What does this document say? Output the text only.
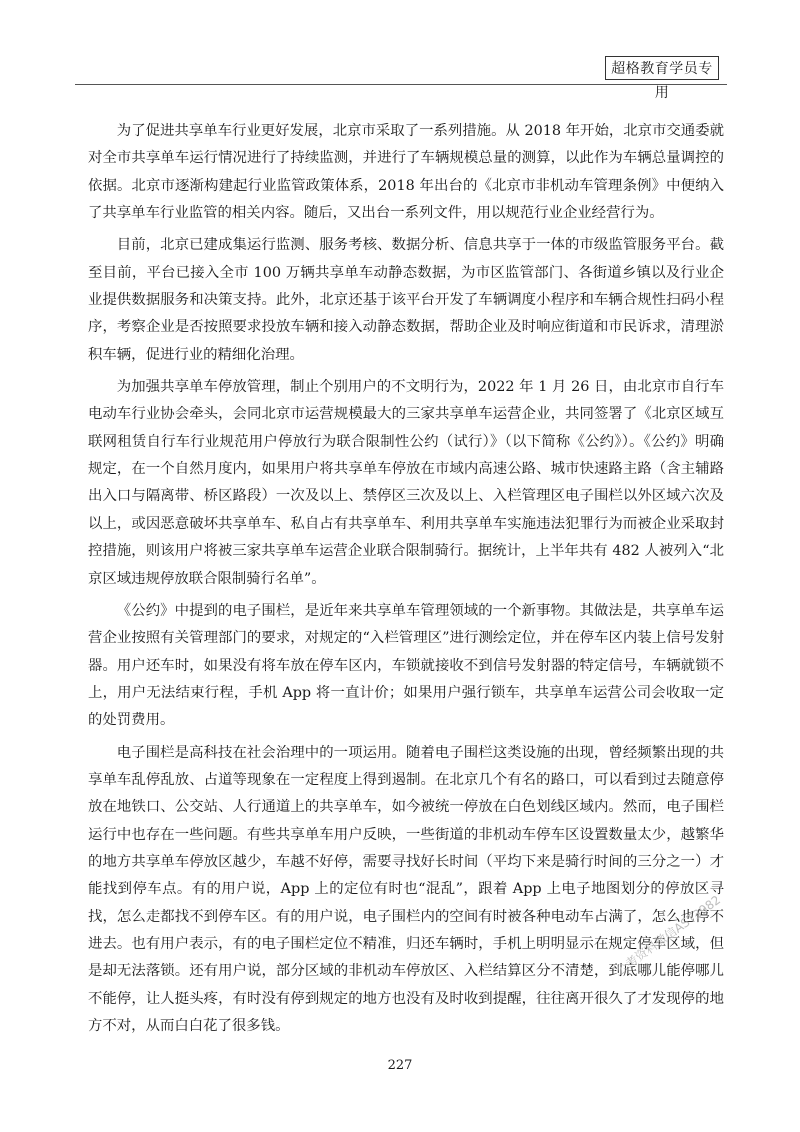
超格教育学员专用

为了促进共享单车行业更好发展，北京市采取了一系列措施。从 2018 年开始，北京市交通委就对全市共享单车运行情况进行了持续监测，并进行了车辆规模总量的测算，以此作为车辆总量调控的依据。北京市逐渐构建起行业监管政策体系，2018 年出台的《北京市非机动车管理条例》中便纳入了共享单车行业监管的相关内容。随后，又出台一系列文件，用以规范行业企业经营行为。

目前，北京已建成集运行监测、服务考核、数据分析、信息共享于一体的市级监管服务平台。截至目前，平台已接入全市 100 万辆共享单车动静态数据，为市区监管部门、各街道乡镇以及行业企业提供数据服务和决策支持。此外，北京还基于该平台开发了车辆调度小程序和车辆合规性扫码小程序，考察企业是否按照要求投放车辆和接入动静态数据，帮助企业及时响应街道和市民诉求，清理淤积车辆，促进行业的精细化治理。

为加强共享单车停放管理，制止个别用户的不文明行为，2022 年 1 月 26 日，由北京市自行车电动车行业协会牵头，会同北京市运营规模最大的三家共享单车运营企业，共同签署了《北京区域互联网租赁自行车行业规范用户停放行为联合限制性公约（试行）》（以下简称《公约》）。《公约》明确规定，在一个自然月度内，如果用户将共享单车停放在市域内高速公路、城市快速路主路（含主辅路出入口与隔离带、桥区路段）一次及以上、禁停区三次及以上、入栏管理区电子围栏以外区域六次及以上，或因恶意破坏共享单车、私自占有共享单车、利用共享单车实施违法犯罪行为而被企业采取封控措施，则该用户将被三家共享单车运营企业联合限制骑行。据统计，上半年共有 482 人被列入“北京区域违规停放联合限制骑行名单”。

《公约》中提到的电子围栏，是近年来共享单车管理领域的一个新事物。其做法是，共享单车运营企业按照有关管理部门的要求，对规定的“入栏管理区”进行测绘定位，并在停车区内装上信号发射器。用户还车时，如果没有将车放在停车区内，车锁就接收不到信号发射器的特定信号，车辆就锁不上，用户无法结束行程，手机 App 将一直计价；如果用户强行锁车，共享单车运营公司会收取一定的处罚费用。

电子围栏是高科技在社会治理中的一项运用。随着电子围栏这类设施的出现，曾经频繁出现的共享单车乱停乱放、占道等现象在一定程度上得到遏制。在北京几个有名的路口，可以看到过去随意停放在地铁口、公交站、人行通道上的共享单车，如今被统一停放在白色划线区域内。然而，电子围栏运行中也存在一些问题。有些共享单车用户反映，一些街道的非机动车停车区设置数量太少，越繁华的地方共享单车停放区越少，车越不好停，需要寻找好长时间（平均下来是骑行时间的三分之一）才能找到停车点。有的用户说，App 上的定位有时也“混乱”，跟着 App 上电子地图划分的停放区寻找，怎么走都找不到停车区。有的用户说，电子围栏内的空间有时被各种电动车占满了，怎么也停不进去。也有用户表示，有的电子围栏定位不精准，归还车辆时，手机上明明显示在规定停车区域，但是却无法落锁。还有用户说，部分区域的非机动车停放区、入栏结算区分不清楚，到底哪儿能停哪儿不能停，让人挺头疼，有时没有停到规定的地方也没有及时收到提醒，往往离开很久了才发现停的地方不对，从而白白花了很多钱。

公考资料微信AST3982
227
